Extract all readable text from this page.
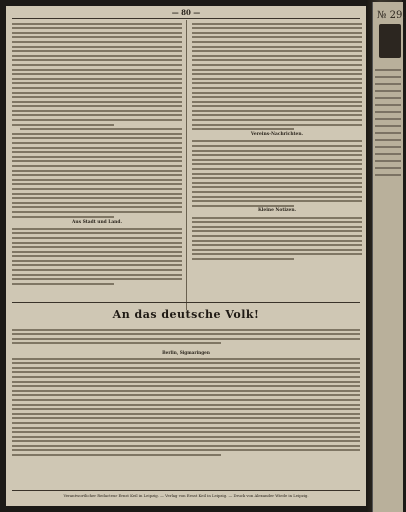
— 80 —
Aus Stadt und Land.
Vereins-Nachrichten.
Kleine Notizen.
An das deutsche Volk!
Berlin, Sigmaringen
Verantwortlicher Redacteur Ernst Keil in Leipzig. — Verlag von Ernst Keil in Leipzig. — Druck von Alexander Wiede in Leipzig.
№ 29.
